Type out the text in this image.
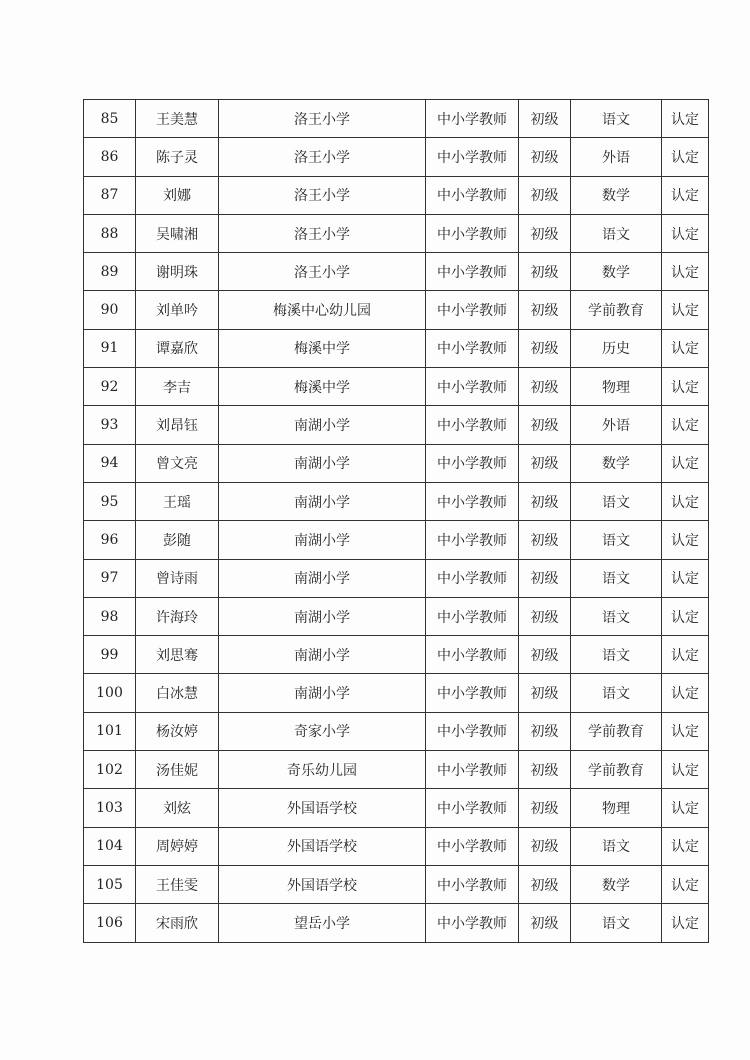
85	王美慧	洛王小学	中小学教师	初级	语文	认定
86	陈子灵	洛王小学	中小学教师	初级	外语	认定
87	刘娜	洛王小学	中小学教师	初级	数学	认定
88	吴啸湘	洛王小学	中小学教师	初级	语文	认定
89	谢明珠	洛王小学	中小学教师	初级	数学	认定
90	刘单吟	梅溪中心幼儿园	中小学教师	初级	学前教育	认定
91	谭嘉欣	梅溪中学	中小学教师	初级	历史	认定
92	李吉	梅溪中学	中小学教师	初级	物理	认定
93	刘昂钰	南湖小学	中小学教师	初级	外语	认定
94	曾文亮	南湖小学	中小学教师	初级	数学	认定
95	王瑶	南湖小学	中小学教师	初级	语文	认定
96	彭随	南湖小学	中小学教师	初级	语文	认定
97	曾诗雨	南湖小学	中小学教师	初级	语文	认定
98	许海玲	南湖小学	中小学教师	初级	语文	认定
99	刘思骞	南湖小学	中小学教师	初级	语文	认定
100	白冰慧	南湖小学	中小学教师	初级	语文	认定
101	杨汝婷	奇家小学	中小学教师	初级	学前教育	认定
102	汤佳妮	奇乐幼儿园	中小学教师	初级	学前教育	认定
103	刘炫	外国语学校	中小学教师	初级	物理	认定
104	周婷婷	外国语学校	中小学教师	初级	语文	认定
105	王佳雯	外国语学校	中小学教师	初级	数学	认定
106	宋雨欣	望岳小学	中小学教师	初级	语文	认定
